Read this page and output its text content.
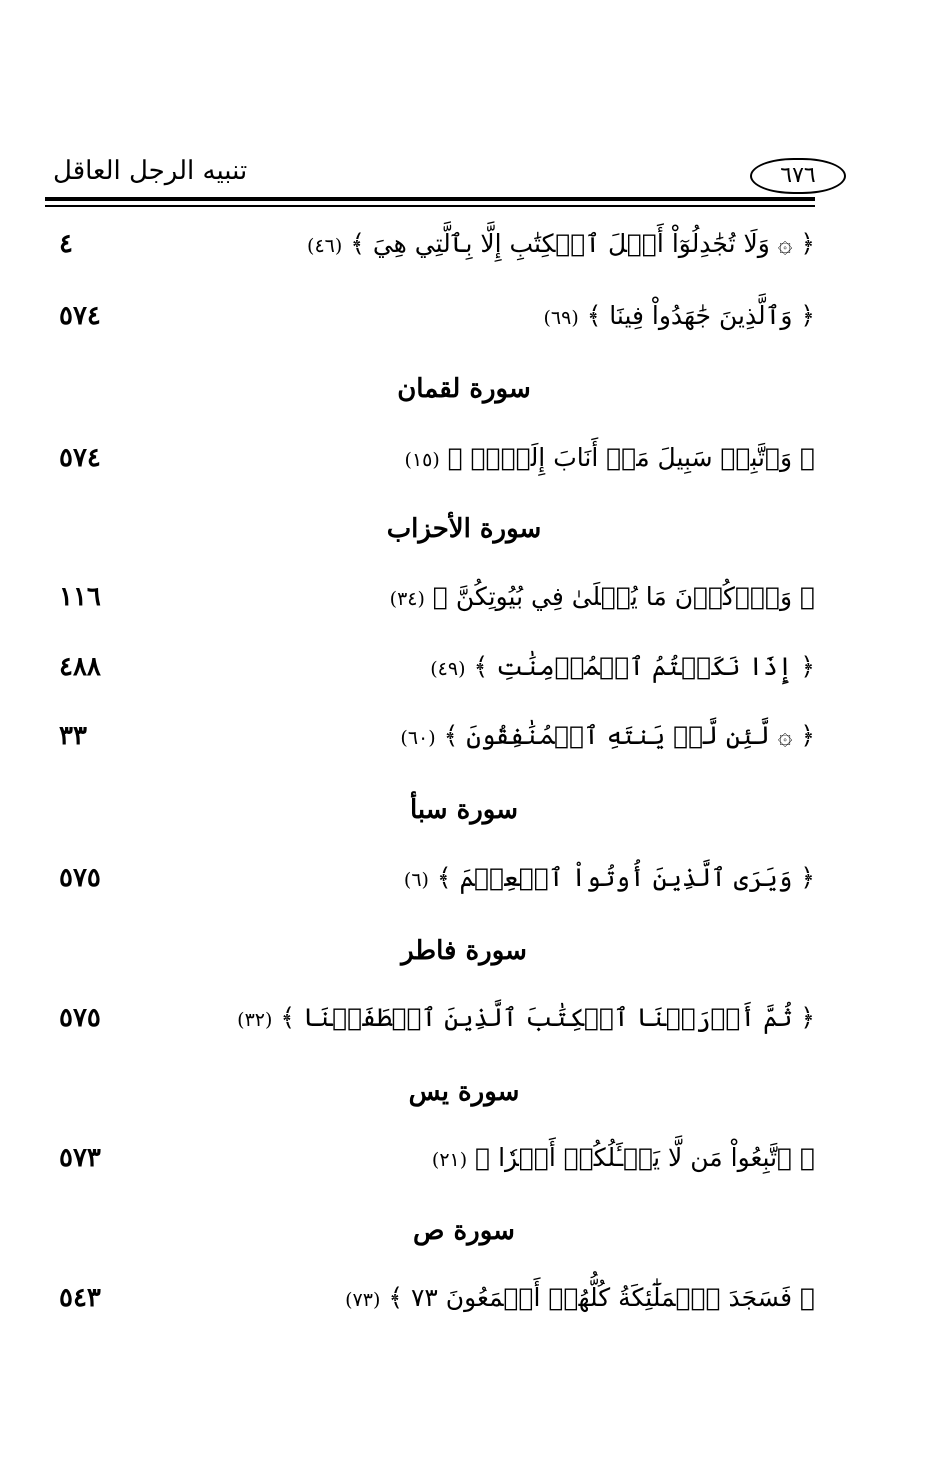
تنبيه الرجل العاقل	٦٧٦
﴿ ۞ وَلَا تُجَٰدِلُوٓاْ أَهۡلَ ٱلۡكِتَٰبِ إِلَّا بِٱلَّتِي هِيَ ﴾ (٤٦)
٤
﴿ وَٱلَّذِينَ جَٰهَدُواْ فِينَا ﴾ (٦٩)
٥٧٤
سورة لقمان
﴿ وَٱتَّبِعۡ سَبِيلَ مَنۡ أَنَابَ إِلَيَّۚ ﴾ (١٥)
٥٧٤
سورة الأحزاب
﴿ وَٱذۡكُرۡنَ مَا يُتۡلَىٰ فِي بُيُوتِكُنَّ ﴾ (٣٤)
١١٦
﴿ إِذَا نَكَحۡتُمُ ٱلۡمُؤۡمِنَٰتِ ﴾ (٤٩)
٤٨٨
﴿ ۞ لَّئِن لَّمۡ يَنتَهِ ٱلۡمُنَٰفِقُونَ ﴾ (٦٠)
٣٣
سورة سبأ
﴿ وَيَرَى ٱلَّذِينَ أُوتُواْ ٱلۡعِلۡمَ ﴾ (٦)
٥٧٥
سورة فاطر
﴿ ثُمَّ أَوۡرَثۡنَا ٱلۡكِتَٰبَ ٱلَّذِينَ ٱصۡطَفَيۡنَا ﴾ (٣٢)
٥٧٥
سورة يس
﴿ ٱتَّبِعُواْ مَن لَّا يَسۡـَٔلُكُمۡ أَجۡرٗا ﴾ (٢١)
٥٧٣
سورة ص
﴿ فَسَجَدَ ٱلۡمَلَٰٓئِكَةُ كُلُّهُمۡ أَجۡمَعُونَ ٧٣ ﴾ (٧٣)
٥٤٣
